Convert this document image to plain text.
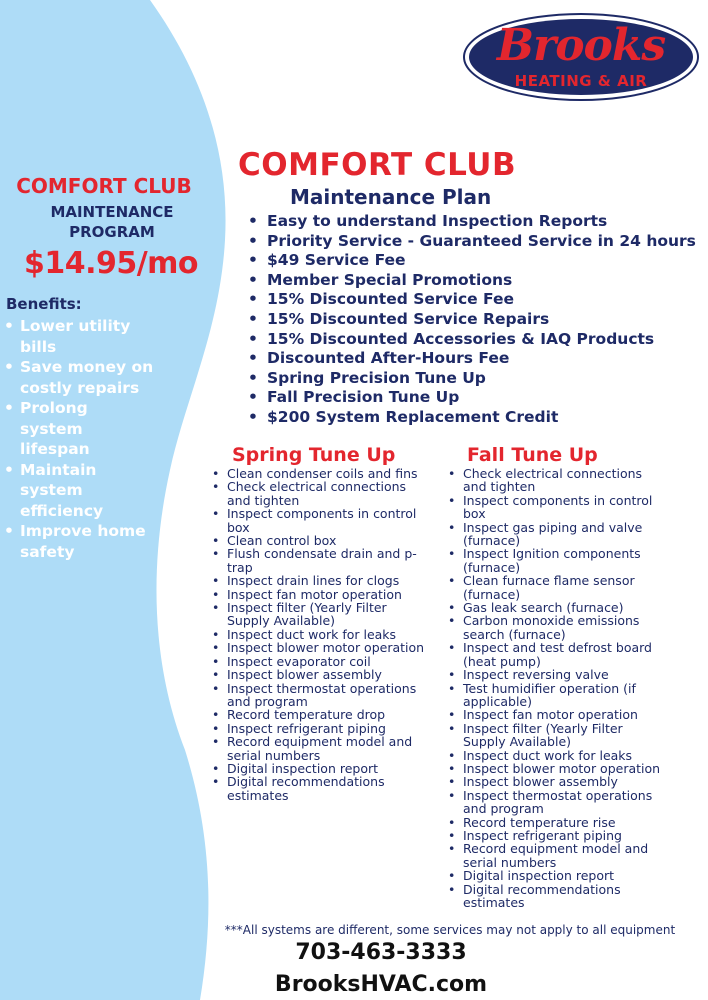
Brooks
HEATING & AIR
COMFORT CLUB
MAINTENANCE
PROGRAM
$14.95/mo
Benefits:
• Lower utility bills
• Save money on costly repairs
• Prolong system lifespan
• Maintain system efficiency
• Improve home safety
COMFORT CLUB
Maintenance Plan
• Easy to understand Inspection Reports
• Priority Service - Guaranteed Service in 24 hours
• $49 Service Fee
• Member Special Promotions
• 15% Discounted Service Fee
• 15% Discounted Service Repairs
• 15% Discounted Accessories & IAQ Products
• Discounted After-Hours Fee
• Spring Precision Tune Up
• Fall Precision Tune Up
• $200 System Replacement Credit
Spring Tune Up
• Clean condenser coils and fins
• Check electrical connections and tighten
• Inspect components in control box
• Clean control box
• Flush condensate drain and p-trap
• Inspect drain lines for clogs
• Inspect fan motor operation
• Inspect filter (Yearly Filter Supply Available)
• Inspect duct work for leaks
• Inspect blower motor operation
• Inspect evaporator coil
• Inspect blower assembly
• Inspect thermostat operations and program
• Record temperature drop
• Inspect refrigerant piping
• Record equipment model and serial numbers
• Digital inspection report
• Digital recommendations estimates
Fall Tune Up
• Check electrical connections and tighten
• Inspect components in control box
• Inspect gas piping and valve (furnace)
• Inspect Ignition components (furnace)
• Clean furnace flame sensor (furnace)
• Gas leak search (furnace)
• Carbon monoxide emissions search (furnace)
• Inspect and test defrost board (heat pump)
• Inspect reversing valve
• Test humidifier operation (if applicable)
• Inspect fan motor operation
• Inspect filter (Yearly Filter Supply Available)
• Inspect duct work for leaks
• Inspect blower motor operation
• Inspect blower assembly
• Inspect thermostat operations and program
• Record temperature rise
• Inspect refrigerant piping
• Record equipment model and serial numbers
• Digital inspection report
• Digital recommendations estimates
***All systems are different, some services may not apply to all equipment
703-463-3333
BrooksHVAC.com
